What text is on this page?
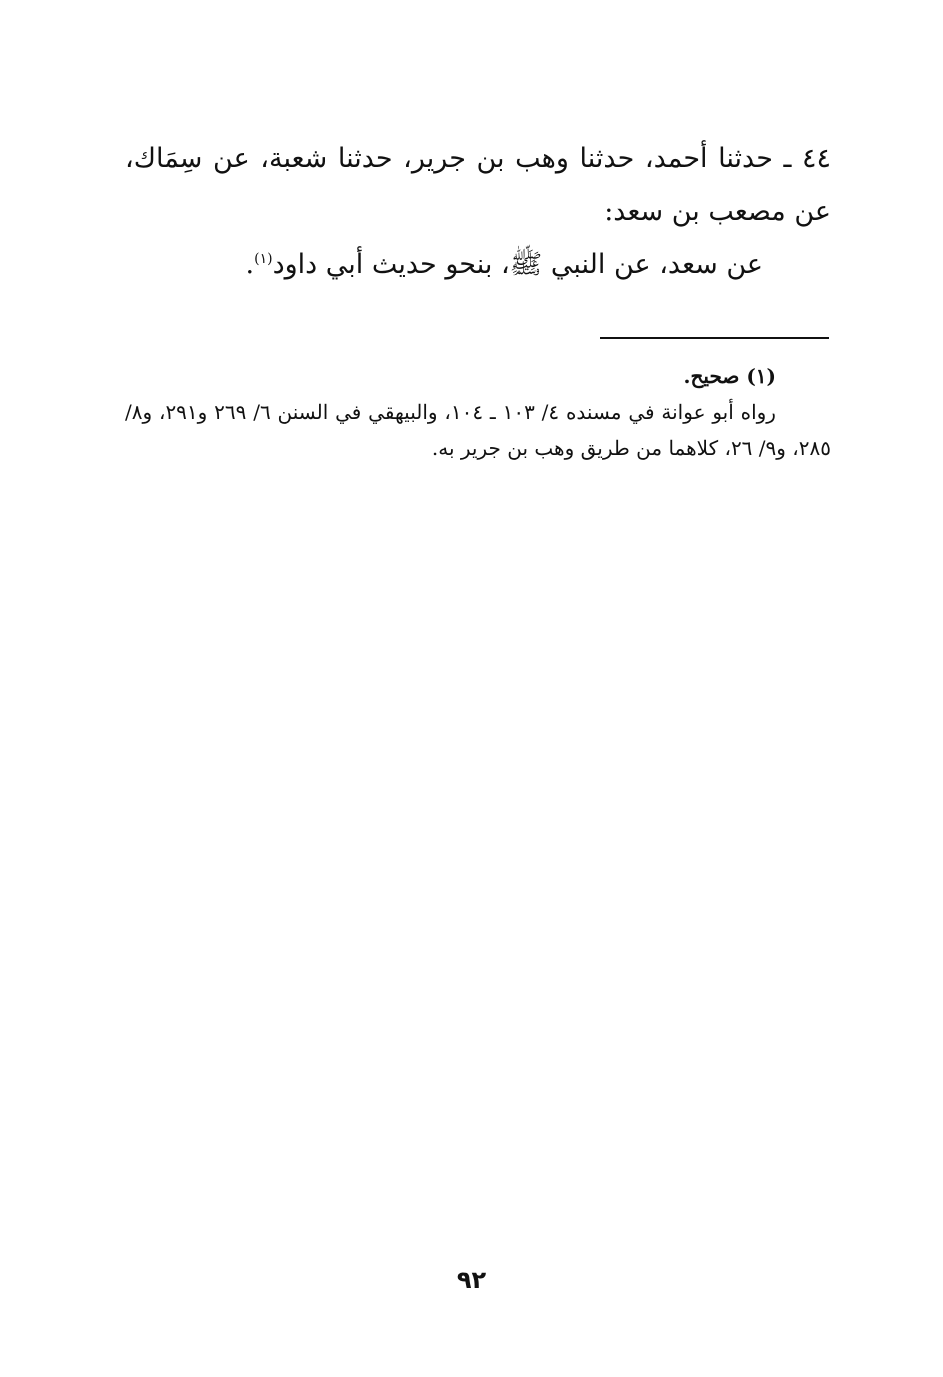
٤٤ ـ حدثنا أحمد، حدثنا وهب بن جرير، حدثنا شعبة، عن سِمَاك، عن مصعب بن سعد:

عن سعد، عن النبي ﷺ، بنحو حديث أبي داود$^{(١)}$.

(١) صحيح.

رواه أبو عوانة في مسنده ٤/ ١٠٣ ـ ١٠٤، والبيهقي في السنن ٦/ ٢٦٩ و٢٩١، و٨/ ٢٨٥، و٩/ ٢٦، كلاهما من طريق وهب بن جرير به.

٩٢
